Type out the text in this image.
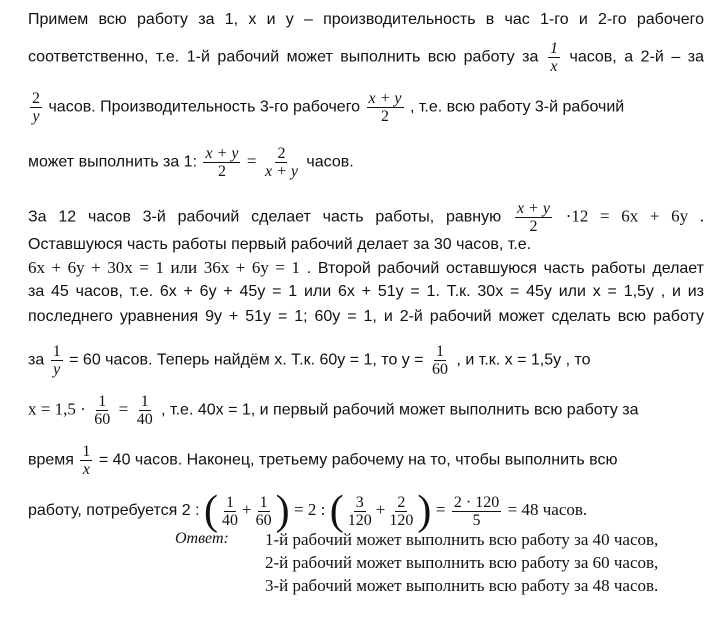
Примем всю работу за 1, x и y – производительность в час 1-го и 2-го рабочего
соответственно, т.е. 1-й рабочий может выполнить всю работу за $\frac{1}{x}$ часов, а 2-й – за
$\frac{2}{y}$ часов. Производительность 3-го рабочего $\frac{x + y}{2}$ , т.е. всю работу 3-й рабочий
может выполнить за 1: $\frac{x + y}{2} = \frac{2}{x + y}$ часов.
За 12 часов 3-й рабочий сделает часть работы, равную $\frac{x + y}{2} \cdot 12 = 6x + 6y$ .
Оставшуюся часть работы первый рабочий делает за 30 часов, т.е.
6x + 6y + 30x = 1 или 36x + 6y = 1 . Второй рабочий оставшуюся часть работы делает
за 45 часов, т.е. 6x + 6y + 45y = 1 или 6x + 51y = 1. Т.к. 30x = 45y или x = 1,5y , и из
последнего уравнения 9y + 51y = 1; 60y = 1, и 2-й рабочий может сделать всю работу
за $\frac{1}{y} = 60$ часов. Теперь найдём x. Т.к. 60y = 1, то $y = \frac{1}{60}$ , и т.к. x = 1,5y , то
$x = 1,5 \cdot \frac{1}{60} = \frac{1}{40}$ , т.е. 40x = 1, и первый рабочий может выполнить всю работу за
время $\frac{1}{x} = 40$ часов. Наконец, третьему рабочему на то, чтобы выполнить всю
работу, потребуется 2 : ( $\frac{1}{40} + \frac{1}{60}$ ) = 2 : ( $\frac{3}{120} + \frac{2}{120}$ ) = $\frac{2 \cdot 120}{5} = 48$ часов.
Ответ: 1-й рабочий может выполнить всю работу за 40 часов,
2-й рабочий может выполнить всю работу за 60 часов,
3-й рабочий может выполнить всю работу за 48 часов.
